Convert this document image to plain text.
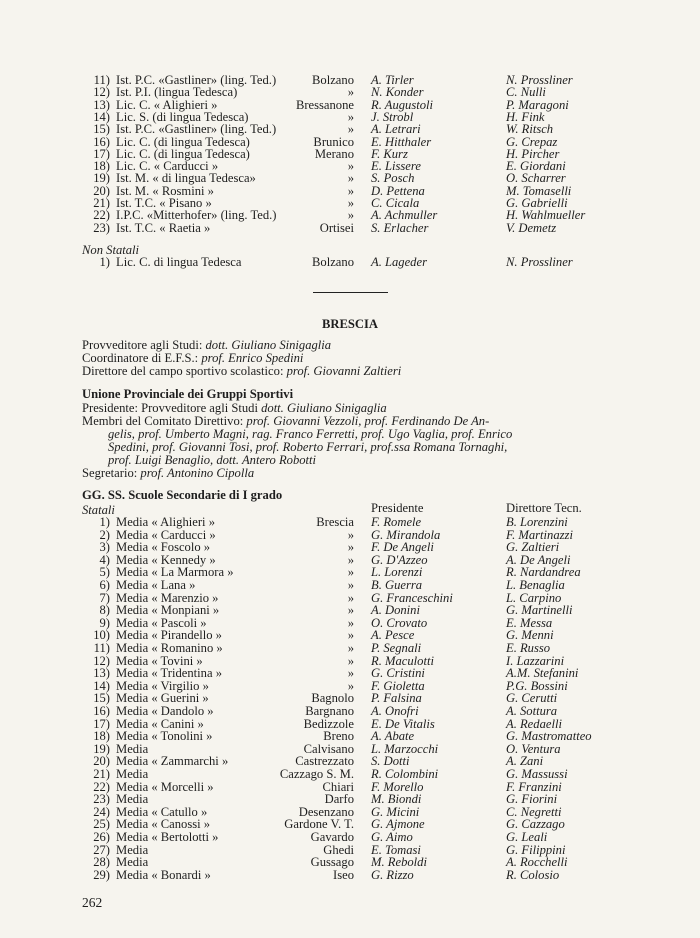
11) Ist. P.C. «Gastliner» (ling. Ted.)	Bolzano A. Tirler	N. Prossliner
12) Ist. P.I. (lingua Tedesca)	» N. Konder	C. Nulli
13) Lic. C. « Alighieri »	Bressanone R. Augustoli	P. Maragoni
14) Lic. S. (di lingua Tedesca)	» J. Strobl	H. Fink
15) Ist. P.C. «Gastliner» (ling. Ted.)	» A. Letrari	W. Ritsch
16) Lic. C. (di lingua Tedesca)	Brunico E. Hitthaler	G. Crepaz
17) Lic. C. (di lingua Tedesca)	Merano F. Kurz	H. Pircher
18) Lic. C. « Carducci »	» E. Lissere	E. Giordani
19) Ist. M. « di lingua Tedesca»	» S. Posch	O. Scharrer
20) Ist. M. « Rosmini »	» D. Pettena	M. Tomaselli
21) Ist. T.C. « Pisano »	» C. Cicala	G. Gabrielli
22) I.P.C. «Mitterhofer» (ling. Ted.)	» A. Achmuller	H. Wahlmueller
23) Ist. T.C. « Raetia »	Ortisei S. Erlacher	V. Demetz
Non Statali
1) Lic. C. di lingua Tedesca	Bolzano A. Lageder	N. Prossliner
BRESCIA
Provveditore agli Studi: dott. Giuliano Sinigaglia
Coordinatore di E.F.S.: prof. Enrico Spedini
Direttore del campo sportivo scolastico: prof. Giovanni Zaltieri
Unione Provinciale dei Gruppi Sportivi
Presidente: Provveditore agli Studi dott. Giuliano Sinigaglia
Membri del Comitato Direttivo: prof. Giovanni Vezzoli, prof. Ferdinando De An-
gelis, prof. Umberto Magni, rag. Franco Ferretti, prof. Ugo Vaglia, prof. Enrico
Spedini, prof. Giovanni Tosi, prof. Roberto Ferrari, prof.ssa Romana Tornaghi,
prof. Luigi Benaglio, dott. Antero Robotti
Segretario: prof. Antonino Cipolla
GG. SS. Scuole Secondarie di I grado
Statali	Presidente	Direttore Tecn.
1) Media « Alighieri »	Brescia F. Romele	B. Lorenzini
2) Media « Carducci »	» G. Mirandola	F. Martinazzi
3) Media « Foscolo »	» F. De Angeli	G. Zaltieri
4) Media « Kennedy »	» G. D'Azzeo	A. De Angeli
5) Media « La Marmora »	» L. Lorenzi	R. Nardandrea
6) Media « Lana »	» B. Guerra	L. Benaglia
7) Media « Marenzio »	» G. Franceschini	L. Carpino
8) Media « Monpiani »	» A. Donini	G. Martinelli
9) Media « Pascoli »	» O. Crovato	E. Messa
10) Media « Pirandello »	» A. Pesce	G. Menni
11) Media « Romanino »	» P. Segnali	E. Russo
12) Media « Tovini »	» R. Maculotti	I. Lazzarini
13) Media « Tridentina »	» G. Cristini	A.M. Stefanini
14) Media « Virgilio »	» F. Gioletta	P.G. Bossini
15) Media « Guerini »	Bagnolo P. Falsina	G. Cerutti
16) Media « Dandolo »	Bargnano A. Onofri	A. Sottura
17) Media « Canini »	Bedizzole E. De Vitalis	A. Redaelli
18) Media « Tonolini »	Breno A. Abate	G. Mastromatteo
19) Media	Calvisano L. Marzocchi	O. Ventura
20) Media « Zammarchi »	Castrezzato S. Dotti	A. Zani
21) Media	Cazzago S. M. R. Colombini	G. Massussi
22) Media « Morcelli »	Chiari F. Morello	F. Franzini
23) Media	Darfo M. Biondi	G. Fiorini
24) Media « Catullo »	Desenzano G. Micini	C. Negretti
25) Media « Canossi »	Gardone V. T. G. Ajmone	G. Cazzago
26) Media « Bertolotti »	Gavardo G. Aimo	G. Leali
27) Media	Ghedi E. Tomasi	G. Filippini
28) Media	Gussago M. Reboldi	A. Rocchelli
29) Media « Bonardi »	Iseo G. Rizzo	R. Colosio
262
